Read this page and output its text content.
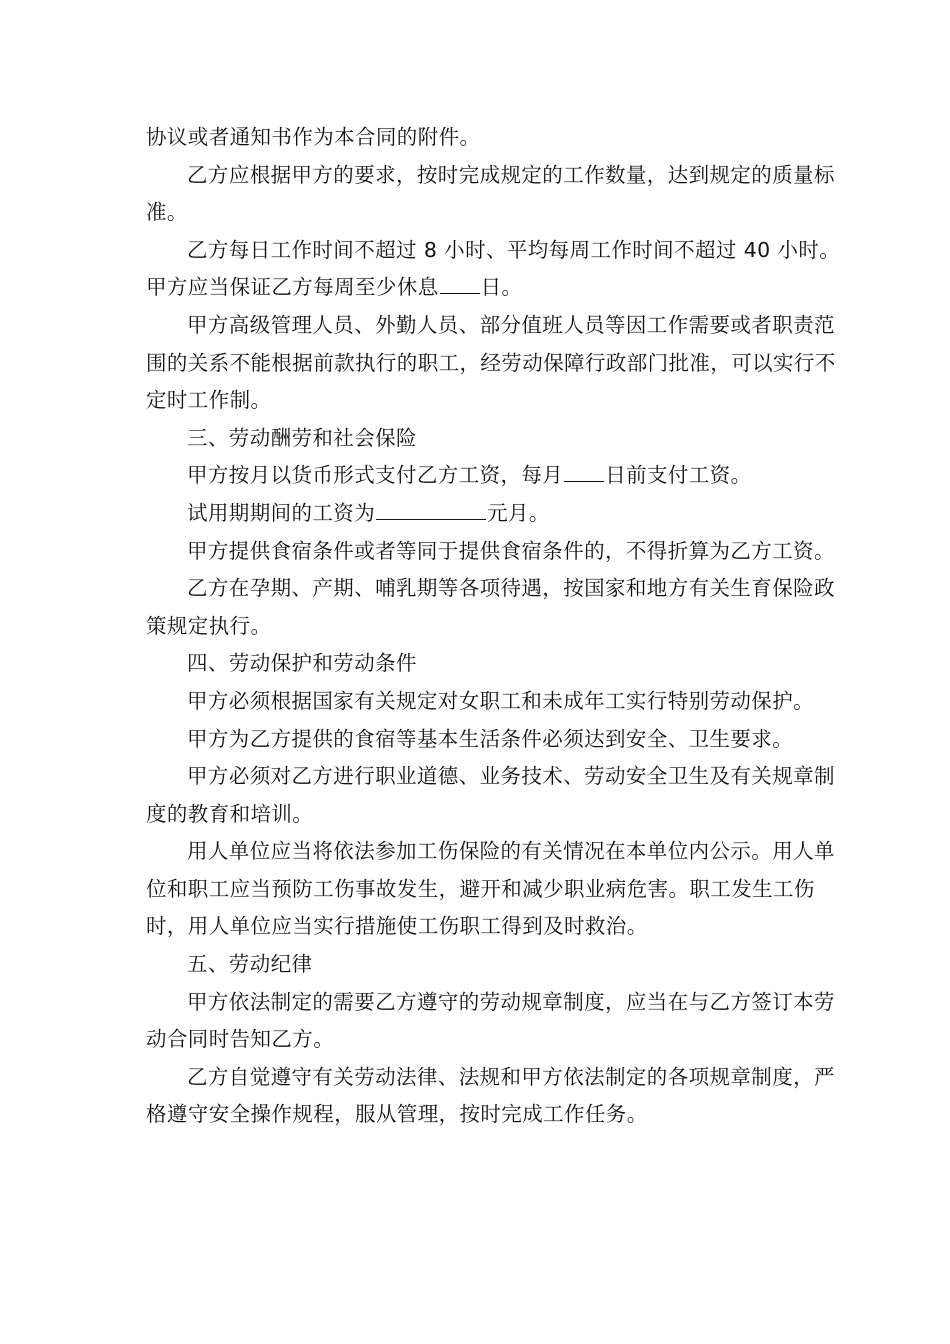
协议或者通知书作为本合同的附件。

乙方应根据甲方的要求，按时完成规定的工作数量，达到规定的质量标准。

乙方每日工作时间不超过 8 小时、平均每周工作时间不超过 40 小时。甲方应当保证乙方每周至少休息 日。

甲方高级管理人员、外勤人员、部分值班人员等因工作需要或者职责范围的关系不能根据前款执行的职工，经劳动保障行政部门批准，可以实行不定时工作制。

三、劳动酬劳和社会保险

甲方按月以货币形式支付乙方工资，每月 日前支付工资。

试用期期间的工资为	元月。

甲方提供食宿条件或者等同于提供食宿条件的，不得折算为乙方工资。

乙方在孕期、产期、哺乳期等各项待遇，按国家和地方有关生育保险政策规定执行。

四、劳动保护和劳动条件

甲方必须根据国家有关规定对女职工和未成年工实行特别劳动保护。

甲方为乙方提供的食宿等基本生活条件必须达到安全、卫生要求。

甲方必须对乙方进行职业道德、业务技术、劳动安全卫生及有关规章制度的教育和培训。

用人单位应当将依法参加工伤保险的有关情况在本单位内公示。用人单位和职工应当预防工伤事故发生，避开和减少职业病危害。职工发生工伤时，用人单位应当实行措施使工伤职工得到及时救治。

五、劳动纪律

甲方依法制定的需要乙方遵守的劳动规章制度，应当在与乙方签订本劳动合同时告知乙方。

乙方自觉遵守有关劳动法律、法规和甲方依法制定的各项规章制度，严格遵守安全操作规程，服从管理，按时完成工作任务。
